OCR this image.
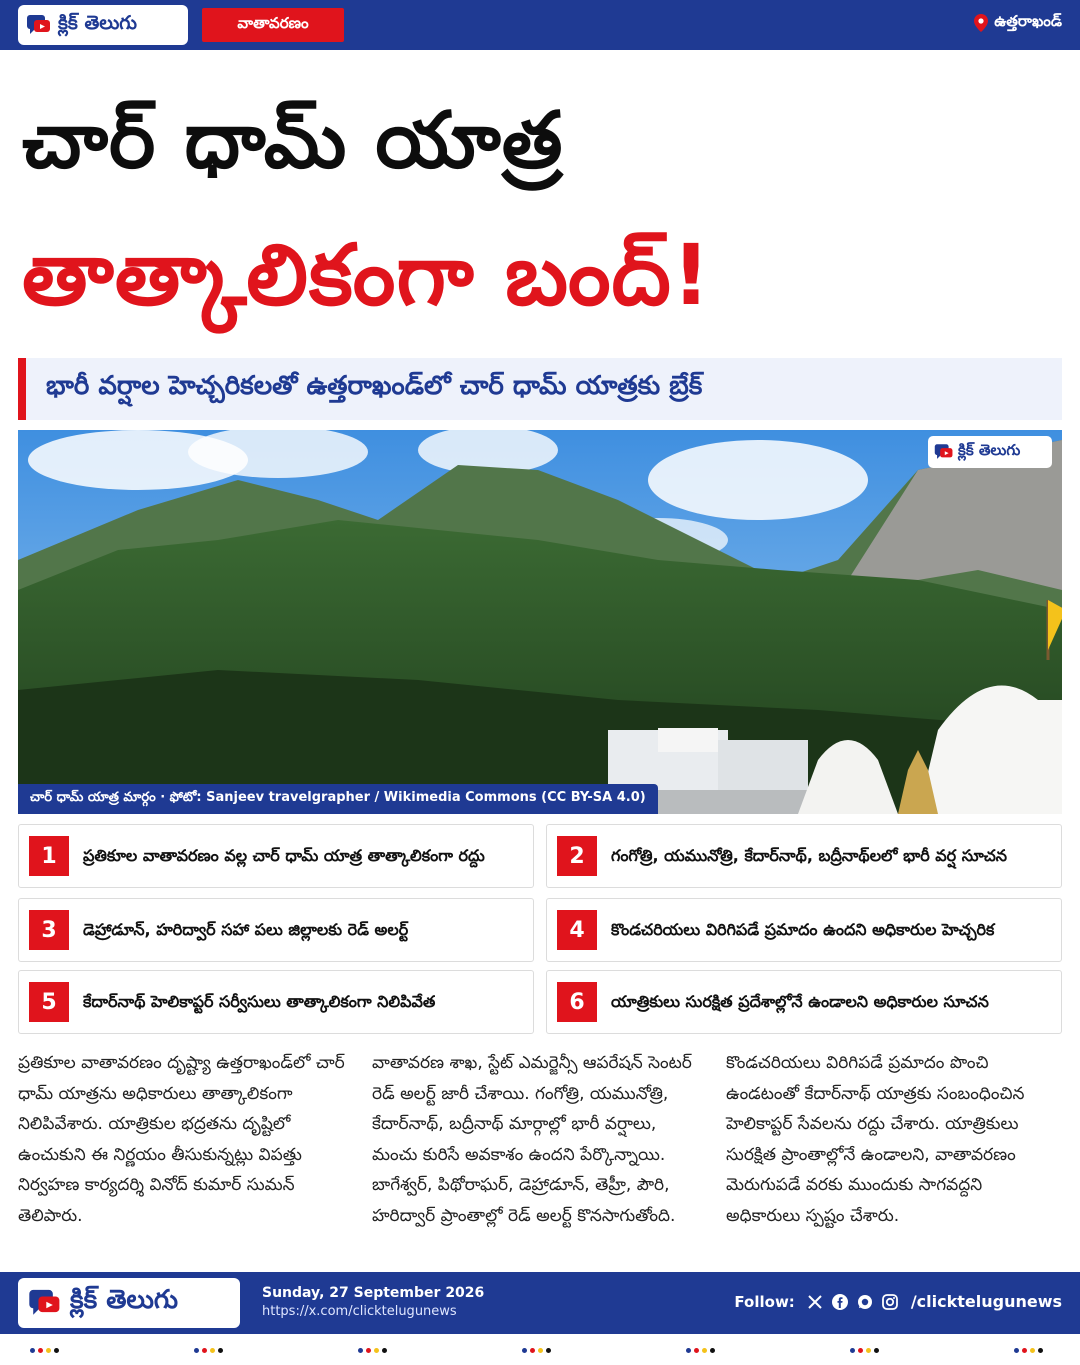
క్లిక్ తెలుగు	వాతావరణం	ఉత్తరాఖండ్
చార్ ధామ్ యాత్ర
తాత్కాలికంగా బంద్!
భారీ వర్షాల హెచ్చరికలతో ఉత్తరాఖండ్‌లో చార్ ధామ్ యాత్రకు బ్రేక్
క్లిక్ తెలుగు
చార్ ధామ్ యాత్ర మార్గం · ఫోటో: Sanjeev travelgrapher / Wikimedia Commons (CC BY-SA 4.0)
1	ప్రతికూల వాతావరణం వల్ల చార్ ధామ్ యాత్ర తాత్కాలికంగా రద్దు	2	గంగోత్రి, యమునోత్రి, కేదార్‌నాథ్, బద్రీనాథ్‌లలో భారీ వర్ష సూచన
3	డెహ్రాడూన్, హరిద్వార్ సహా పలు జిల్లాలకు రెడ్ అలర్ట్	4	కొండచరియలు విరిగిపడే ప్రమాదం ఉందని అధికారుల హెచ్చరిక
5	కేదార్‌నాథ్ హెలికాప్టర్ సర్వీసులు తాత్కాలికంగా నిలిపివేత	6	యాత్రికులు సురక్షిత ప్రదేశాల్లోనే ఉండాలని అధికారుల సూచన
ప్రతికూల వాతావరణం దృష్ట్యా ఉత్తరాఖండ్‌లో చార్ ధామ్ యాత్రను అధికారులు తాత్కాలికంగా నిలిపివేశారు. యాత్రికుల భద్రతను దృష్టిలో ఉంచుకుని ఈ నిర్ణయం తీసుకున్నట్లు విపత్తు నిర్వహణ కార్యదర్శి వినోద్ కుమార్ సుమన్ తెలిపారు.
వాతావరణ శాఖ, స్టేట్ ఎమర్జెన్సీ ఆపరేషన్ సెంటర్ రెడ్ అలర్ట్ జారీ చేశాయి. గంగోత్రి, యమునోత్రి, కేదార్‌నాథ్, బద్రీనాథ్ మార్గాల్లో భారీ వర్షాలు, మంచు కురిసే అవకాశం ఉందని పేర్కొన్నాయి. బాగేశ్వర్, పిథోరాఘర్, డెహ్రాడూన్, తెహ్రీ, పౌరి, హరిద్వార్ ప్రాంతాల్లో రెడ్ అలర్ట్ కొనసాగుతోంది.
కొండచరియలు విరిగిపడే ప్రమాదం పొంచి ఉండటంతో కేదార్‌నాథ్ యాత్రకు సంబంధించిన హెలికాప్టర్ సేవలను రద్దు చేశారు. యాత్రికులు సురక్షిత ప్రాంతాల్లోనే ఉండాలని, వాతావరణం మెరుగుపడే వరకు ముందుకు సాగవద్దని అధికారులు స్పష్టం చేశారు.
క్లిక్ తెలుగు	Sunday, 27 September 2026
https://x.com/clicktelugunews
Follow:	/clicktelugunews
